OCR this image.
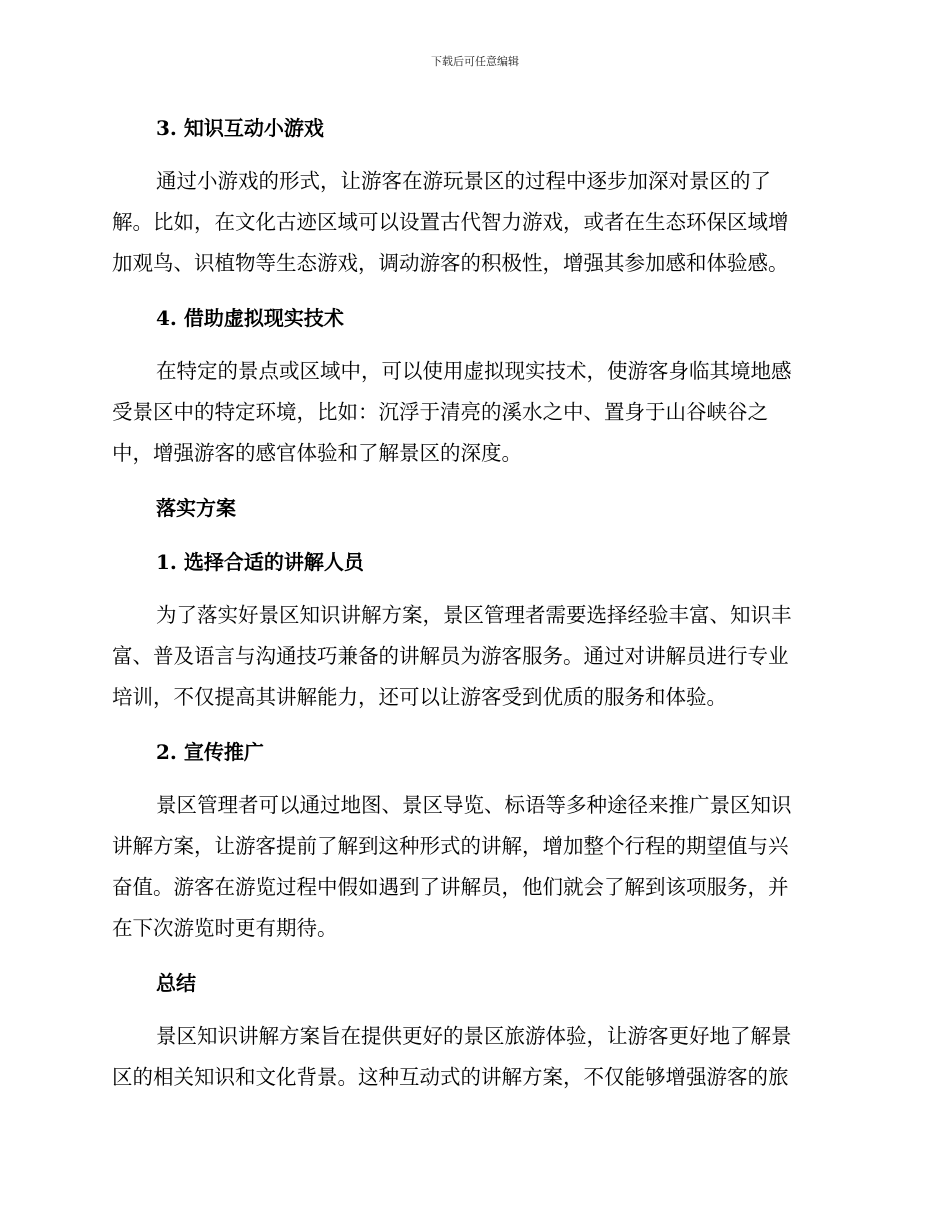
下载后可任意编辑
3. 知识互动小游戏
通过小游戏的形式，让游客在游玩景区的过程中逐步加深对景区的了
解。比如，在文化古迹区域可以设置古代智力游戏，或者在生态环保区域增
加观鸟、识植物等生态游戏，调动游客的积极性，增强其参加感和体验感。
4. 借助虚拟现实技术
在特定的景点或区域中，可以使用虚拟现实技术，使游客身临其境地感
受景区中的特定环境，比如：沉浮于清亮的溪水之中、置身于山谷峡谷之
中，增强游客的感官体验和了解景区的深度。
落实方案
1. 选择合适的讲解人员
为了落实好景区知识讲解方案，景区管理者需要选择经验丰富、知识丰
富、普及语言与沟通技巧兼备的讲解员为游客服务。通过对讲解员进行专业
培训，不仅提高其讲解能力，还可以让游客受到优质的服务和体验。
2. 宣传推广
景区管理者可以通过地图、景区导览、标语等多种途径来推广景区知识
讲解方案，让游客提前了解到这种形式的讲解，增加整个行程的期望值与兴
奋值。游客在游览过程中假如遇到了讲解员，他们就会了解到该项服务，并
在下次游览时更有期待。
总结
景区知识讲解方案旨在提供更好的景区旅游体验，让游客更好地了解景
区的相关知识和文化背景。这种互动式的讲解方案，不仅能够增强游客的旅
